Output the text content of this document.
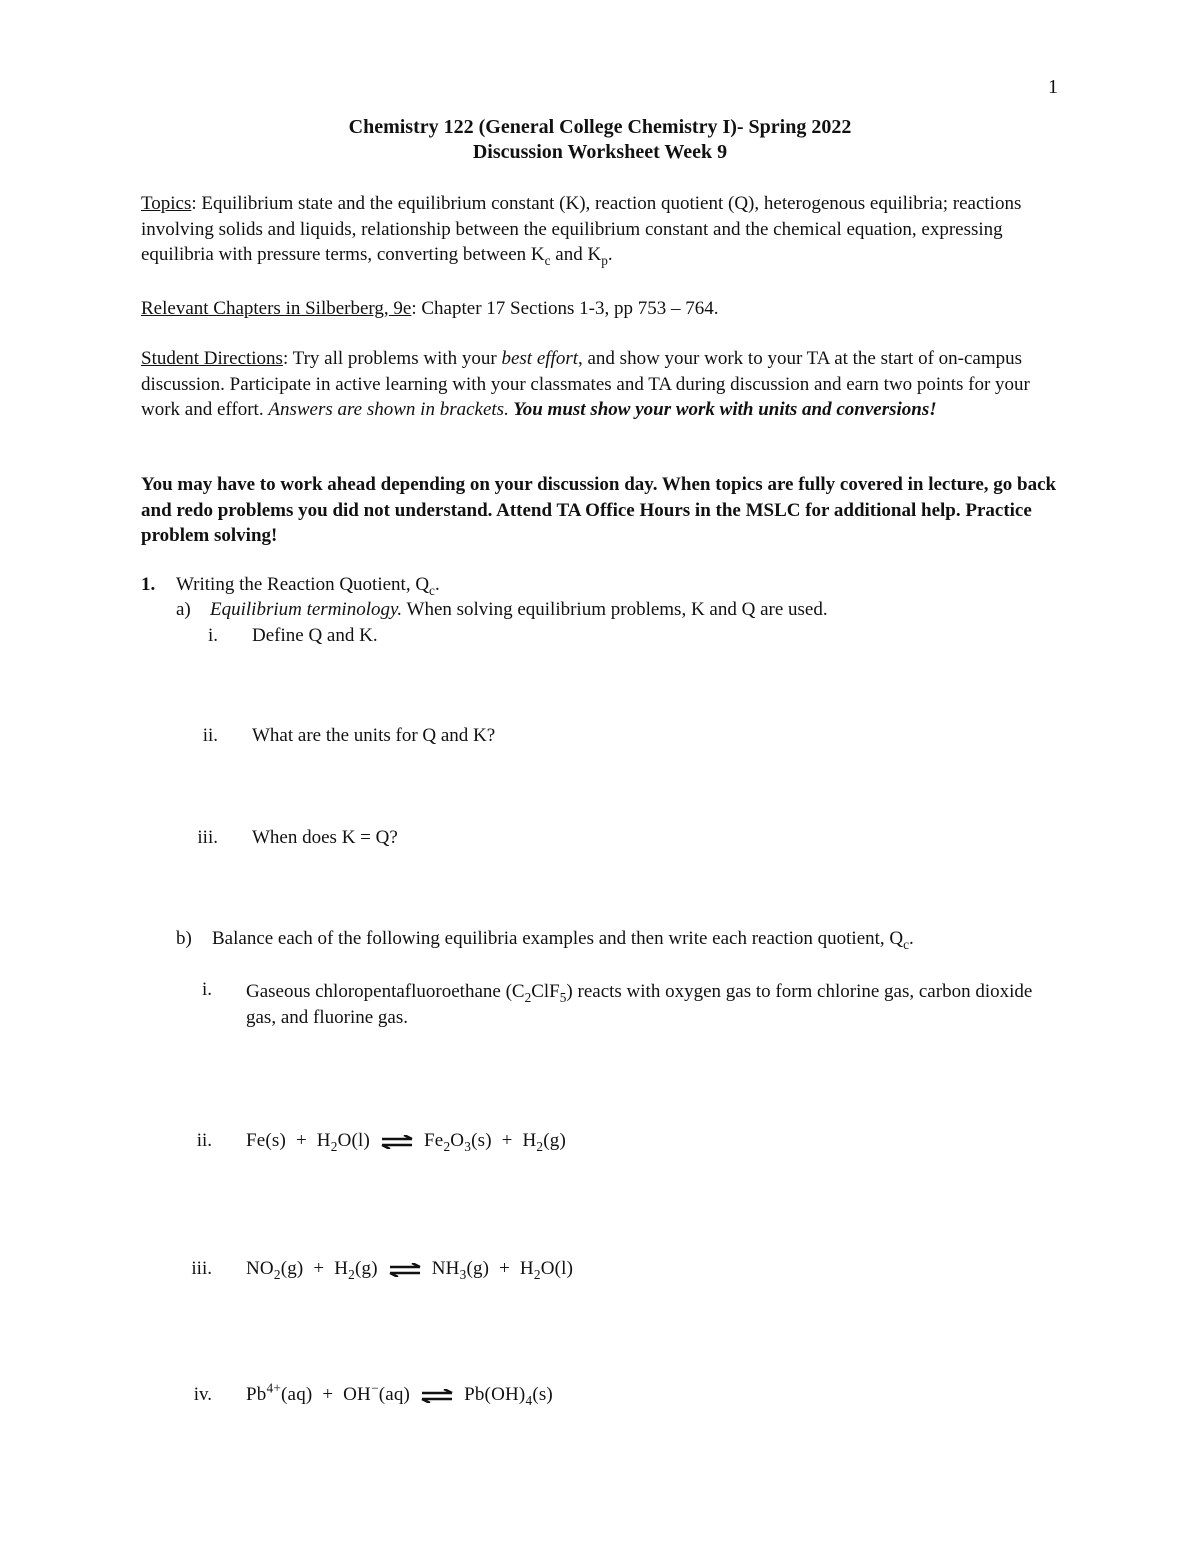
1
Chemistry 122 (General College Chemistry I)- Spring 2022
Discussion Worksheet Week 9
Topics: Equilibrium state and the equilibrium constant (K), reaction quotient (Q), heterogenous equilibria; reactions involving solids and liquids, relationship between the equilibrium constant and the chemical equation, expressing equilibria with pressure terms, converting between $K_c$ and $K_p$.
Relevant Chapters in Silberberg, 9e: Chapter 17 Sections 1-3, pp 753 – 764.
Student Directions: Try all problems with your best effort, and show your work to your TA at the start of on-campus discussion. Participate in active learning with your classmates and TA during discussion and earn two points for your work and effort. Answers are shown in brackets. You must show your work with units and conversions!
You may have to work ahead depending on your discussion day. When topics are fully covered in lecture, go back and redo problems you did not understand. Attend TA Office Hours in the MSLC for additional help. Practice problem solving!
1. Writing the Reaction Quotient, $Q_c$.
a) Equilibrium terminology. When solving equilibrium problems, K and Q are used.
i. Define Q and K.
ii. What are the units for Q and K?
iii. When does K = Q?
b) Balance each of the following equilibria examples and then write each reaction quotient, $Q_c$.
i. Gaseous chloropentafluoroethane $(C_2ClF_5)$ reacts with oxygen gas to form chlorine gas, carbon dioxide gas, and fluorine gas.
ii. $Fe(s) + H_2O(l)$ ⇌ $Fe_2O_3(s) + H_2(g)$
iii. $NO_2(g) + H_2(g)$ ⇌ $NH_3(g) + H_2O(l)$
iv. $Pb^{4+}(aq) + OH^-(aq)$ ⇌ $Pb(OH)_4(s)$
